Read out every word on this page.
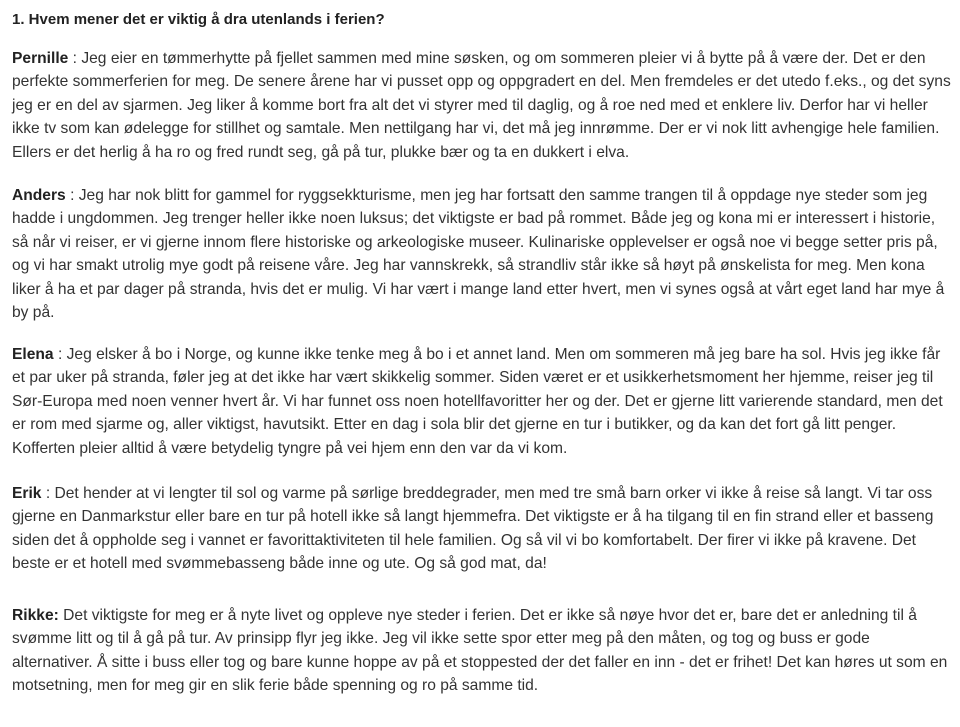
1. Hvem mener det er viktig å dra utenlands i ferien?

Pernille : Jeg eier en tømmerhytte på fjellet sammen med mine søsken, og om sommeren pleier vi å bytte på å være der. Det er den perfekte sommerferien for meg. De senere årene har vi pusset opp og oppgradert en del. Men fremdeles er det utedo f.eks., og det syns jeg er en del av sjarmen. Jeg liker å komme bort fra alt det vi styrer med til daglig, og å roe ned med et enklere liv. Derfor har vi heller ikke tv som kan ødelegge for stillhet og samtale. Men nettilgang har vi, det må jeg innrømme. Der er vi nok litt avhengige hele familien. Ellers er det herlig å ha ro og fred rundt seg, gå på tur, plukke bær og ta en dukkert i elva.

Anders : Jeg har nok blitt for gammel for ryggsekkturisme, men jeg har fortsatt den samme trangen til å oppdage nye steder som jeg hadde i ungdommen. Jeg trenger heller ikke noen luksus; det viktigste er bad på rommet. Både jeg og kona mi er interessert i historie, så når vi reiser, er vi gjerne innom flere historiske og arkeologiske museer. Kulinariske opplevelser er også noe vi begge setter pris på, og vi har smakt utrolig mye godt på reisene våre. Jeg har vannskrekk, så strandliv står ikke så høyt på ønskelista for meg. Men kona liker å ha et par dager på stranda, hvis det er mulig. Vi har vært i mange land etter hvert, men vi synes også at vårt eget land har mye å by på.

Elena : Jeg elsker å bo i Norge, og kunne ikke tenke meg å bo i et annet land. Men om sommeren må jeg bare ha sol. Hvis jeg ikke får et par uker på stranda, føler jeg at det ikke har vært skikkelig sommer. Siden været er et usikkerhetsmoment her hjemme, reiser jeg til Sør-Europa med noen venner hvert år. Vi har funnet oss noen hotellfavoritter her og der. Det er gjerne litt varierende standard, men det er rom med sjarme og, aller viktigst, havutsikt. Etter en dag i sola blir det gjerne en tur i butikker, og da kan det fort gå litt penger. Kofferten pleier alltid å være betydelig tyngre på vei hjem enn den var da vi kom.

Erik : Det hender at vi lengter til sol og varme på sørlige breddegrader, men med tre små barn orker vi ikke å reise så langt. Vi tar oss gjerne en Danmarkstur eller bare en tur på hotell ikke så langt hjemmefra. Det viktigste er å ha tilgang til en fin strand eller et basseng siden det å oppholde seg i vannet er favorittaktiviteten til hele familien. Og så vil vi bo komfortabelt. Der firer vi ikke på kravene. Det beste er et hotell med svømmebasseng både inne og ute. Og så god mat, da!

Rikke: Det viktigste for meg er å nyte livet og oppleve nye steder i ferien. Det er ikke så nøye hvor det er, bare det er anledning til å svømme litt og til å gå på tur. Av prinsipp flyr jeg ikke. Jeg vil ikke sette spor etter meg på den måten, og tog og buss er gode alternativer. Å sitte i buss eller tog og bare kunne hoppe av på et stoppested der det faller en inn - det er frihet! Det kan høres ut som en motsetning, men for meg gir en slik ferie både spenning og ro på samme tid.
